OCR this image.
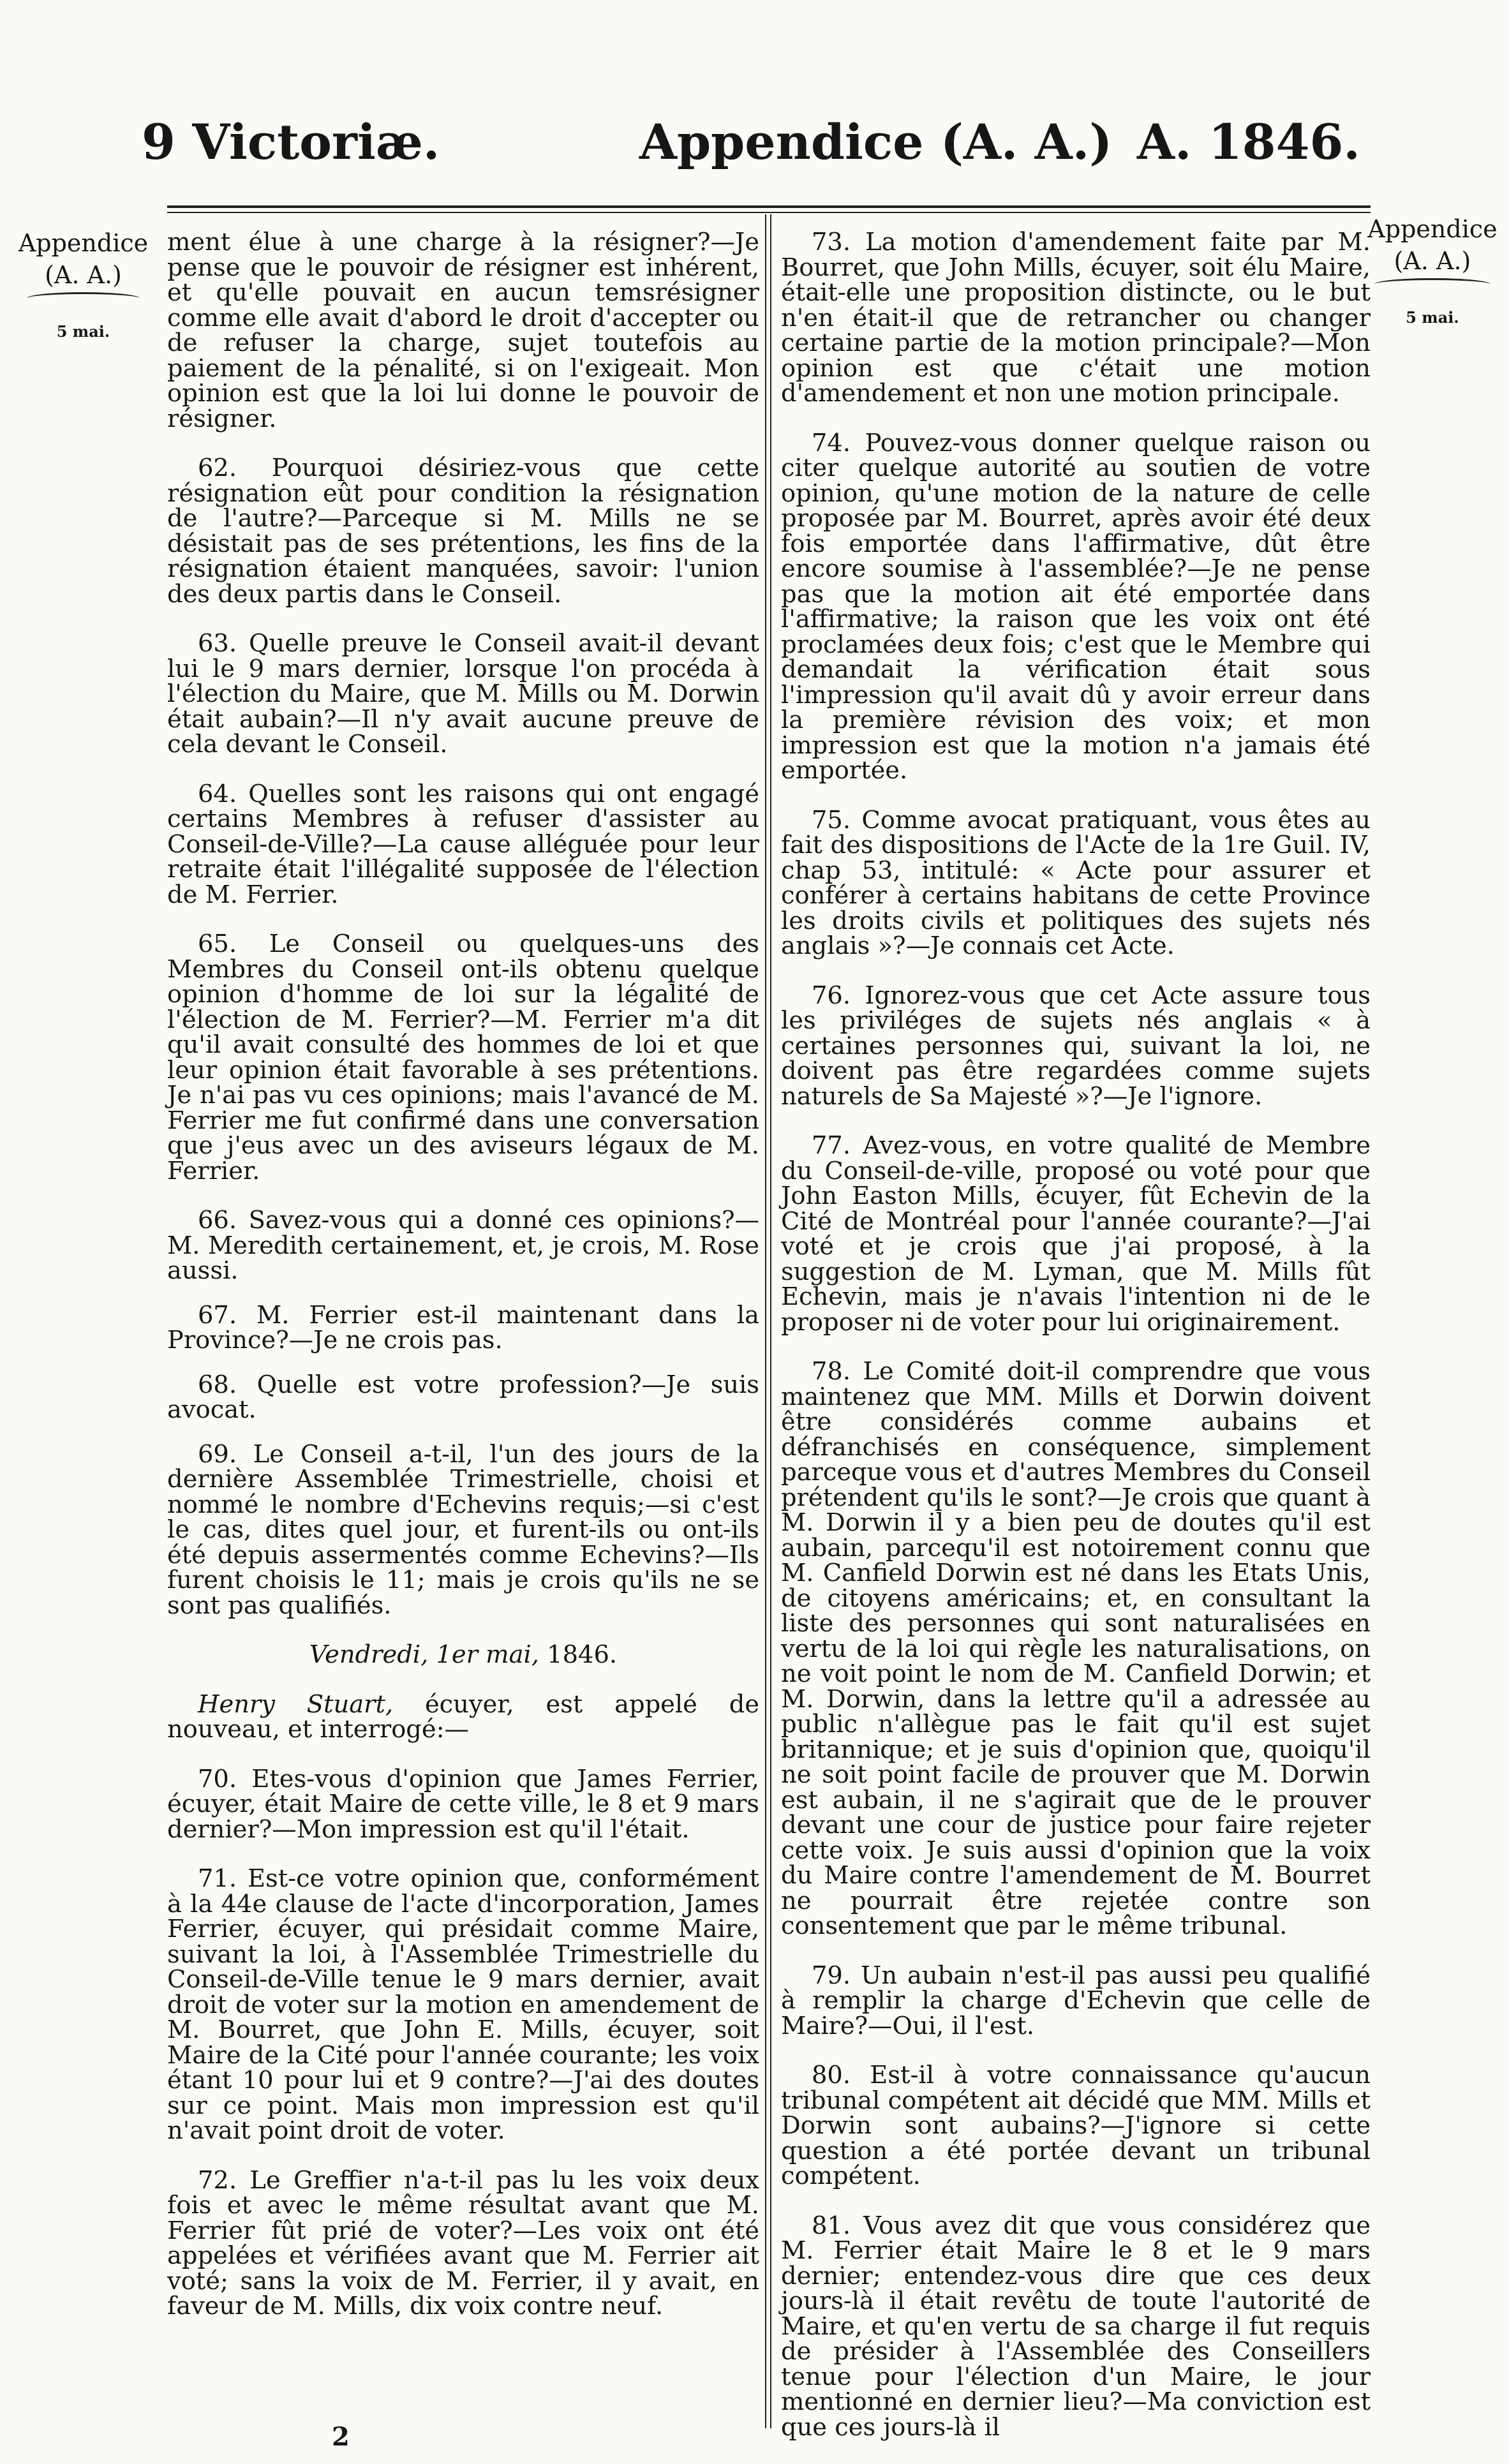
9 Victoriæ.	Appendice (A. A.) A. 1846.
Appendice
(A. A.)
5 mai.
Appendice
(A. A.)
5 mai.

ment élue à une charge à la résigner?—Je pense que le pouvoir de résigner est inhérent, et qu'elle pouvait en aucun temsrésigner comme elle avait d'abord le droit d'accepter ou de refuser la charge, sujet toutefois au paiement de la pénalité, si on l'exigeait. Mon opinion est que la loi lui donne le pouvoir de résigner.

62. Pourquoi désiriez-vous que cette résignation eût pour condition la résignation de l'autre?—Parceque si M. Mills ne se désistait pas de ses prétentions, les fins de la résignation étaient manquées, savoir: l'union des deux partis dans le Conseil.

63. Quelle preuve le Conseil avait-il devant lui le 9 mars dernier, lorsque l'on procéda à l'élection du Maire, que M. Mills ou M. Dorwin était aubain?—Il n'y avait aucune preuve de cela devant le Conseil.

64. Quelles sont les raisons qui ont engagé certains Membres à refuser d'assister au Conseil-de-Ville?—La cause alléguée pour leur retraite était l'illégalité supposée de l'élection de M. Ferrier.

65. Le Conseil ou quelques-uns des Membres du Conseil ont-ils obtenu quelque opinion d'homme de loi sur la légalité de l'élection de M. Ferrier?—M. Ferrier m'a dit qu'il avait consulté des hommes de loi et que leur opinion était favorable à ses prétentions. Je n'ai pas vu ces opinions; mais l'avancé de M. Ferrier me fut confirmé dans une conversation que j'eus avec un des aviseurs légaux de M. Ferrier.

66. Savez-vous qui a donné ces opinions?—M. Meredith certainement, et, je crois, M. Rose aussi.

67. M. Ferrier est-il maintenant dans la Province?—Je ne crois pas.

68. Quelle est votre profession?—Je suis avocat.

69. Le Conseil a-t-il, l'un des jours de la dernière Assemblée Trimestrielle, choisi et nommé le nombre d'Echevins requis;—si c'est le cas, dites quel jour, et furent-ils ou ont-ils été depuis assermentés comme Echevins?—Ils furent choisis le 11; mais je crois qu'ils ne se sont pas qualifiés.

Vendredi, 1er mai, 1846.

Henry Stuart, écuyer, est appelé de nouveau, et interrogé:—

70. Etes-vous d'opinion que James Ferrier, écuyer, était Maire de cette ville, le 8 et 9 mars dernier?—Mon impression est qu'il l'était.

71. Est-ce votre opinion que, conformément à la 44e clause de l'acte d'incorporation, James Ferrier, écuyer, qui présidait comme Maire, suivant la loi, à l'Assemblée Trimestrielle du Conseil-de-Ville tenue le 9 mars dernier, avait droit de voter sur la motion en amendement de M. Bourret, que John E. Mills, écuyer, soit Maire de la Cité pour l'année courante; les voix étant 10 pour lui et 9 contre?—J'ai des doutes sur ce point. Mais mon impression est qu'il n'avait point droit de voter.

72. Le Greffier n'a-t-il pas lu les voix deux fois et avec le même résultat avant que M. Ferrier fût prié de voter?—Les voix ont été appelées et vérifiées avant que M. Ferrier ait voté; sans la voix de M. Ferrier, il y avait, en faveur de M. Mills, dix voix contre neuf.

73. La motion d'amendement faite par M. Bourret, que John Mills, écuyer, soit élu Maire, était-elle une proposition distincte, ou le but n'en était-il que de retrancher ou changer certaine partie de la motion principale?—Mon opinion est que c'était une motion d'amendement et non une motion principale.

74. Pouvez-vous donner quelque raison ou citer quelque autorité au soutien de votre opinion, qu'une motion de la nature de celle proposée par M. Bourret, après avoir été deux fois emportée dans l'affirmative, dût être encore soumise à l'assemblée?—Je ne pense pas que la motion ait été emportée dans l'affirmative; la raison que les voix ont été proclamées deux fois; c'est que le Membre qui demandait la vérification était sous l'impression qu'il avait dû y avoir erreur dans la première révision des voix; et mon impression est que la motion n'a jamais été emportée.

75. Comme avocat pratiquant, vous êtes au fait des dispositions de l'Acte de la 1re Guil. IV, chap 53, intitulé: « Acte pour assurer et conférer à certains habitans de cette Province les droits civils et politiques des sujets nés anglais »?—Je connais cet Acte.

76. Ignorez-vous que cet Acte assure tous les priviléges de sujets nés anglais « à certaines personnes qui, suivant la loi, ne doivent pas être regardées comme sujets naturels de Sa Majesté »?—Je l'ignore.

77. Avez-vous, en votre qualité de Membre du Conseil-de-ville, proposé ou voté pour que John Easton Mills, écuyer, fût Echevin de la Cité de Montréal pour l'année courante?—J'ai voté et je crois que j'ai proposé, à la suggestion de M. Lyman, que M. Mills fût Echevin, mais je n'avais l'intention ni de le proposer ni de voter pour lui originairement.

78. Le Comité doit-il comprendre que vous maintenez que MM. Mills et Dorwin doivent être considérés comme aubains et défranchisés en conséquence, simplement parceque vous et d'autres Membres du Conseil prétendent qu'ils le sont?—Je crois que quant à M. Dorwin il y a bien peu de doutes qu'il est aubain, parcequ'il est notoirement connu que M. Canfield Dorwin est né dans les Etats Unis, de citoyens américains; et, en consultant la liste des personnes qui sont naturalisées en vertu de la loi qui règle les naturalisations, on ne voit point le nom de M. Canfield Dorwin; et M. Dorwin, dans la lettre qu'il a adressée au public n'allègue pas le fait qu'il est sujet britannique; et je suis d'opinion que, quoiqu'il ne soit point facile de prouver que M. Dorwin est aubain, il ne s'agirait que de le prouver devant une cour de justice pour faire rejeter cette voix. Je suis aussi d'opinion que la voix du Maire contre l'amendement de M. Bourret ne pourrait être rejetée contre son consentement que par le même tribunal.

79. Un aubain n'est-il pas aussi peu qualifié à remplir la charge d'Echevin que celle de Maire?—Oui, il l'est.

80. Est-il à votre connaissance qu'aucun tribunal compétent ait décidé que MM. Mills et Dorwin sont aubains?—J'ignore si cette question a été portée devant un tribunal compétent.

81. Vous avez dit que vous considérez que M. Ferrier était Maire le 8 et le 9 mars dernier; entendez-vous dire que ces deux jours-là il était revêtu de toute l'autorité de Maire, et qu'en vertu de sa charge il fut requis de présider à l'Assemblée des Conseillers tenue pour l'élection d'un Maire, le jour mentionné en dernier lieu?—Ma conviction est que ces jours-là il

2
